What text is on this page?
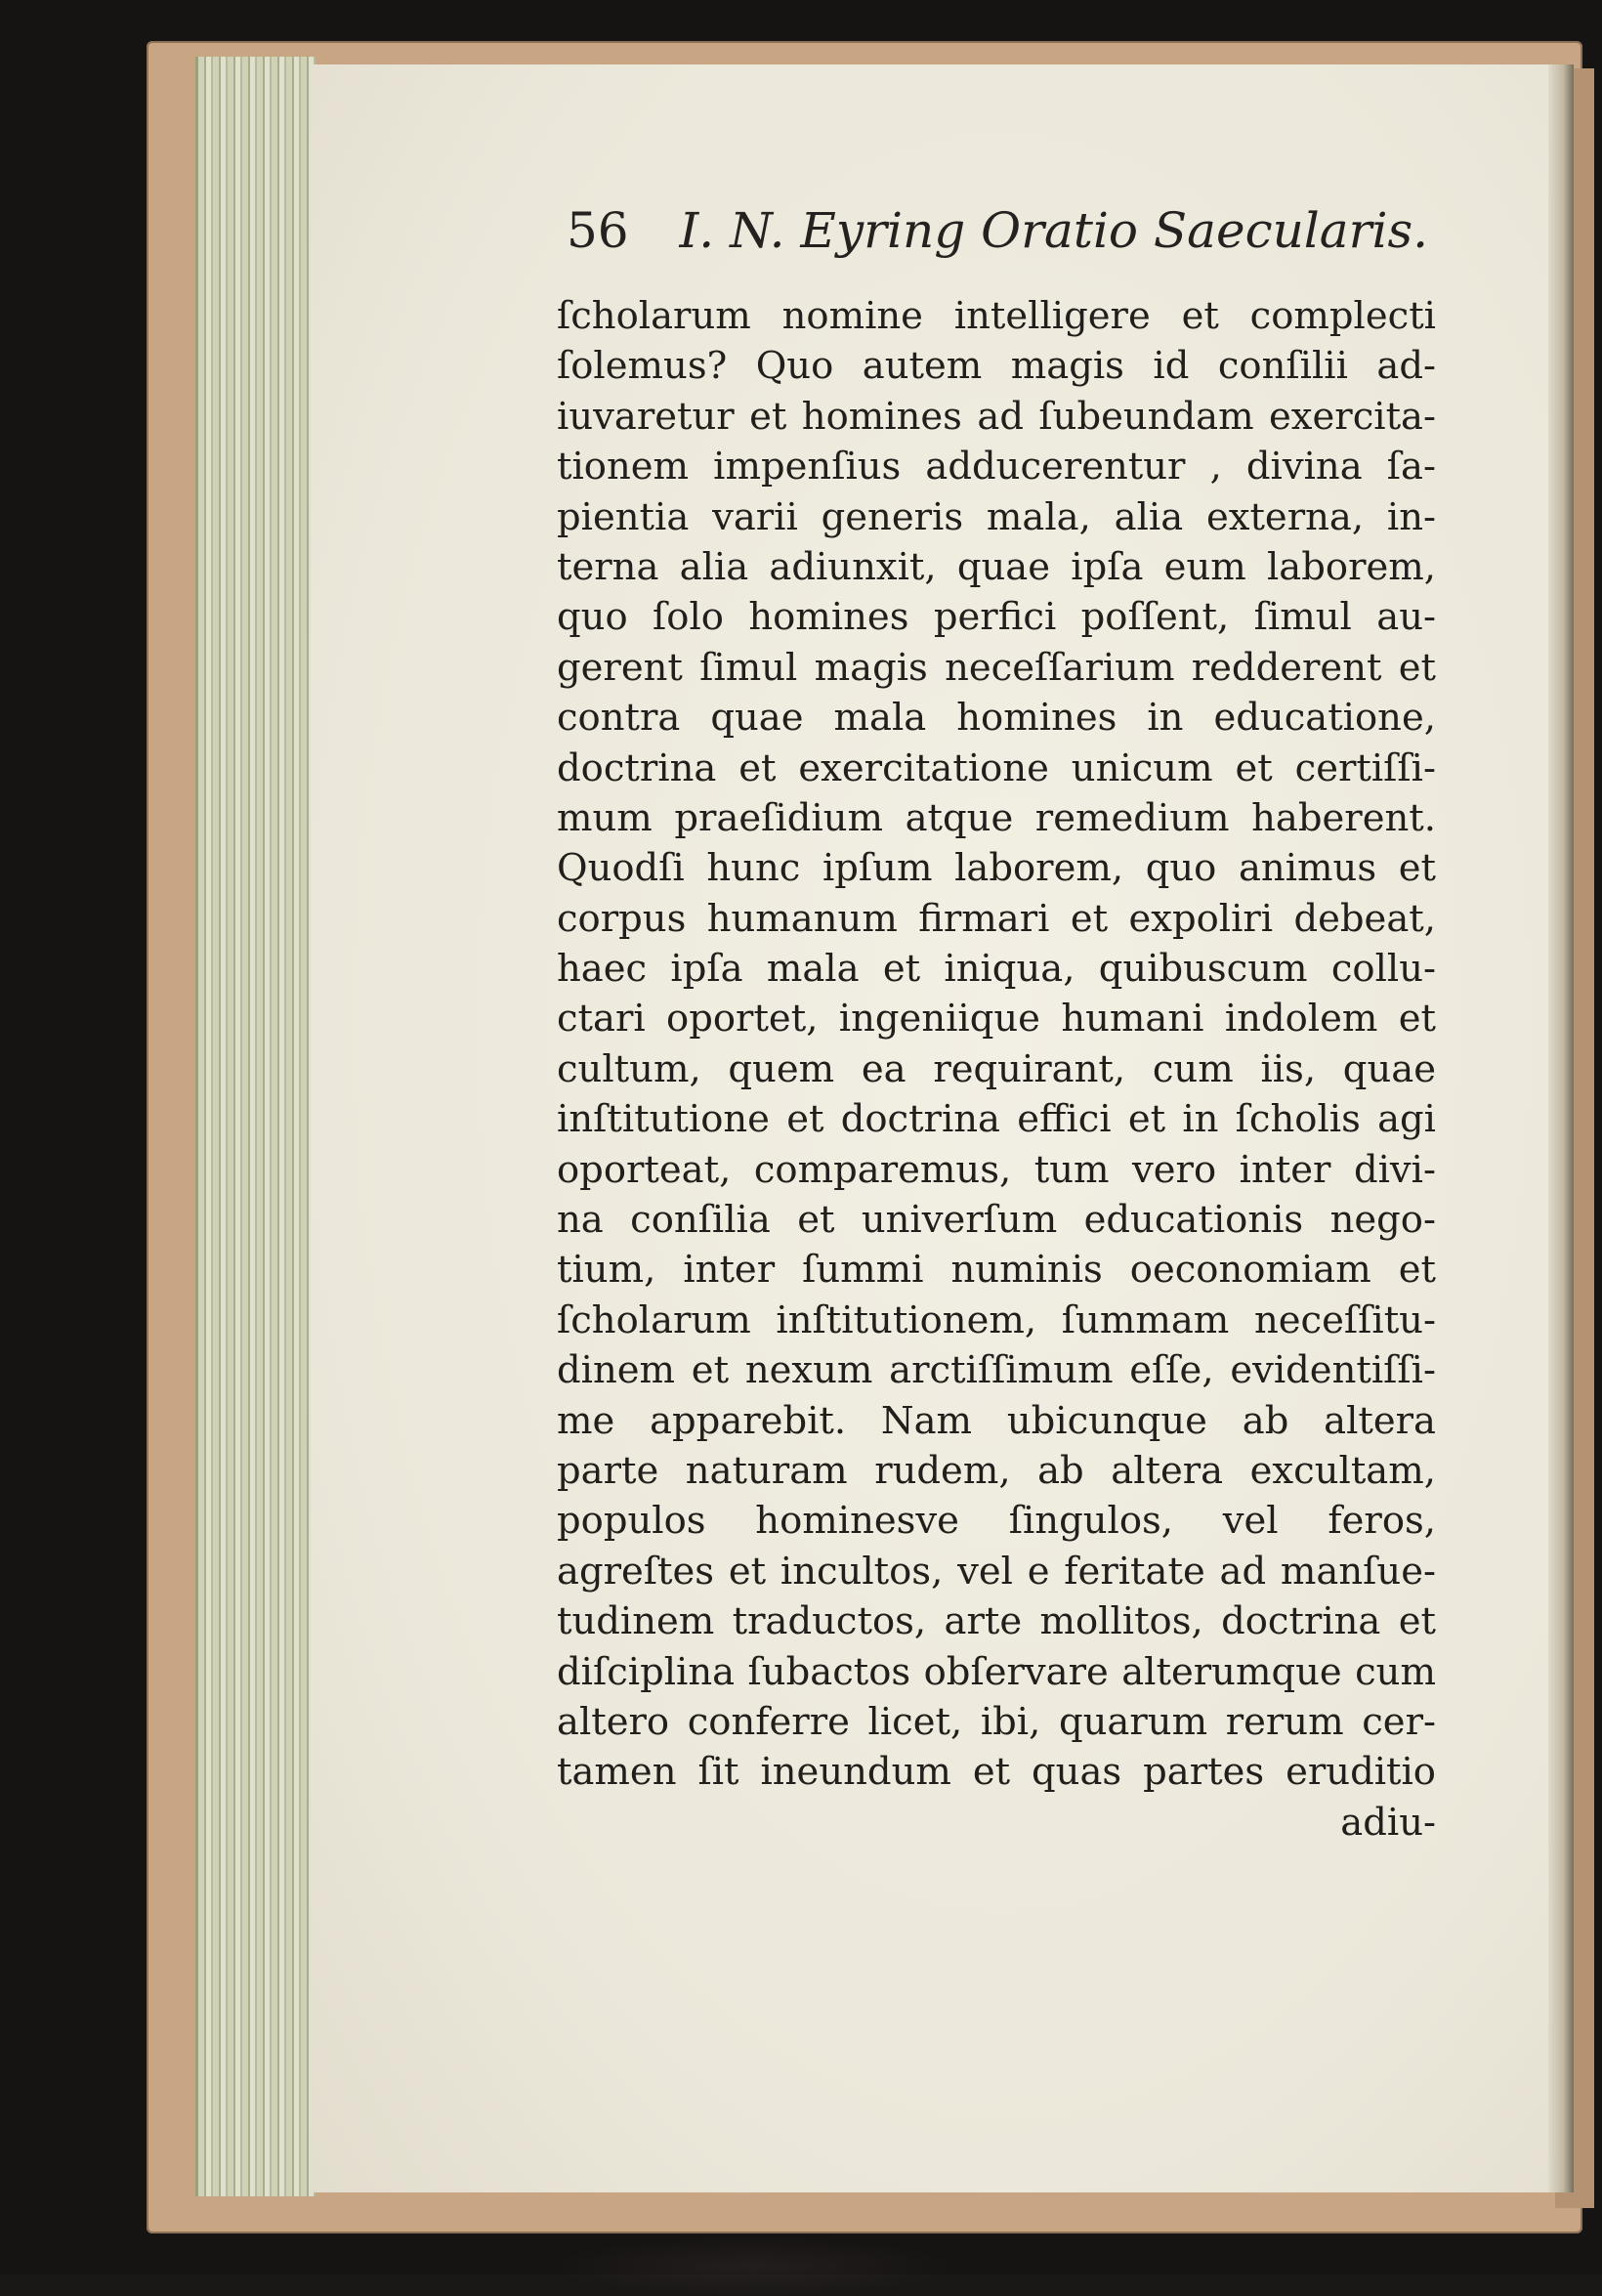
56 I. N. Eyring Oratio Saecularis.
ſcholarum nomine intelligere et complecti
ſolemus? Quo autem magis id conſilii ad-
iuvaretur et homines ad ſubeundam exercita-
tionem impenſius adducerentur , divina ſa-
pientia varii generis mala, alia externa, in-
terna alia adiunxit, quae ipſa eum laborem,
quo ſolo homines perfici poſſent, ſimul au-
gerent ſimul magis neceſſarium redderent et
contra quae mala homines in educatione,
doctrina et exercitatione unicum et certiſſi-
mum praeſidium atque remedium haberent.
Quodſi hunc ipſum laborem, quo animus et
corpus humanum firmari et expoliri debeat,
haec ipſa mala et iniqua, quibuscum collu-
ctari oportet, ingeniique humani indolem et
cultum, quem ea requirant, cum iis, quae
inſtitutione et doctrina effici et in ſcholis agi
oporteat, comparemus, tum vero inter divi-
na conſilia et univerſum educationis nego-
tium, inter ſummi numinis oeconomiam et
ſcholarum inſtitutionem, ſummam neceſſitu-
dinem et nexum arctiſſimum eſſe, evidentiſſi-
me apparebit. Nam ubicunque ab altera
parte naturam rudem, ab altera excultam,
populos hominesve ſingulos, vel feros,
agreſtes et incultos, vel e feritate ad manſue-
tudinem traductos, arte mollitos, doctrina et
diſciplina ſubactos obſervare alterumque cum
altero conferre licet, ibi, quarum rerum cer-
tamen ſit ineundum et quas partes eruditio
adiu-
